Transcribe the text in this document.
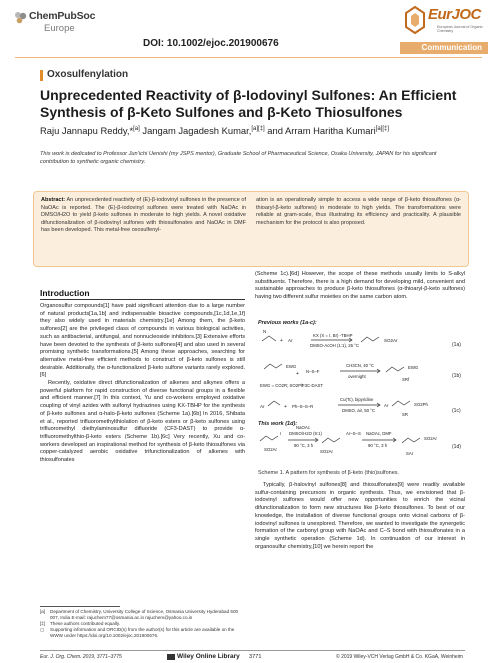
ChemPubSoc
Europe
DOI: 10.1002/ejoc.201900676
EurJOC
European Journal of Organic Chemistry
Communication
Oxosulfenylation
Unprecedented Reactivity of β-Iodovinyl Sulfones: An Efficient Synthesis of β-Keto Sulfones and β-Keto Thiosulfones
Raju Jannapu Reddy,*[a] Jangam Jagadesh Kumar,[a][‡] and Arram Haritha Kumari[a][‡]
This work is dedicated to Professor Jun’ichi Uenishi (my JSPS mentor), Graduate School of Pharmaceutical Science, Osaka University, JAPAN for his significant contribution to synthetic organic chemistry.
Abstract: An unprecedented reactivity of (E)-β-iodovinyl sulfones in the presence of NaOAc is reported. The (E)-β-iodovinyl sulfones were treated with NaOAc in DMSO/H2O to yield β-keto sulfones in moderate to high yields. A novel oxidative difunctionalization of β-iodovinyl sulfones with thiosulfonates and NaOAc in DMF has been developed. This metal-free oxosulfenyl-
ation is an operationally simple to access a wide range of β-keto thiosulfones (α-thioaryl-β-keto sulfones) in moderate to high yields. The transformations were reliable at gram-scale, thus illustrating its efficiency and practicality. A plausible mechanism for the protocol is also proposed.
Introduction

Organosulfur compounds[1] have paid significant attention due to a large number of natural products[1a,1b] and indispensable bioactive compounds,[1c,1d,1e,1f] they also widely used in materials chemistry.[1e] Among them, the β-keto sulfones[2] are the privileged class of compounds in various biological activities, such as antibacterial, antifungal, and nonnucleoside inhibitors.[3] Extensive efforts have been devoted to the synthesis of β-keto sulfones[4] and also used in several promising synthetic transformations.[5] Among these approaches, searching for alternative metal-free efficient methods to construct of β-keto sulfones is still desirable. Additionally, the α-functionalized β-keto sulfone variants rarely explored.[6]

Recently, oxidative direct difunctionalization of alkenes and alkynes offers a powerful platform for rapid construction of diverse functional groups in a flexible and efficient manner.[7] In this context, Yu and co-workers employed oxidative coupling of vinyl azides with sulfonyl hydrazines using KX-TBHP for the synthesis of β-keto sulfones and α-halo-β-keto sulfones (Scheme 1a).[6b] In 2016, Shibata et al., reported trifluoromethylthiolation of β-keto esters or β-keto sulfones using trifluoromethyl diethylaminosulfur difluoride (CF3-DAST) to provide α-trifluoromethylthio-β-keto esters (Scheme 1b).[6c] Very recently, Xu and co-workers developed an inspirational method for synthesis of β-keto thiosulfones via copper-catalyzed aerobic oxidative trifunctionalization of alkenes with thiosulfonates

(Scheme 1c).[6d] However, the scope of these methods usually limits to S-alkyl substituents. Therefore, there is a high demand for developing mild, convenient and sustainable approaches to produce β-keto thiosulfones (α-thioaryl-β-keto sulfones) having two different sulfur moieties on the same carbon atom.
Previous works (1a-c):
N
+ Ar
KX (X = I, Br) -TBHP
DMSO-AcOH (1:1), 26 °C
SO2Ar
(1a)
EWG
+ N–S–F
F3C-DAST
EWG = CO2R; SO2Ph
CH3CN, 40 °C
overnight
EWG
SRf
(1b)
Ar	+ Ph–S–S–R
Cu(Tc), bipyridine
DMSO, air, 50 °C
Ar	SO2Ph
SR
(1c)
This work (1d):
SO2Ar
I
NaOAc
DMSO/H2O (9:1)
90 °C, 3 h
SO2Ar
Ar–S–S NaOAc, DMF
90 °C, 3 h
SAr
SO2Ar
(1d)
Scheme 1. A pattern for synthesis of β-keto (thio)sulfones.

Typically, β-halovinyl sulfones[8] and thiosulfonates[9] were readily available sulfur-containing precursors in organic synthesis. Thus, we envisioned that β-iodovinyl sulfones would offer new opportunities to enrich the vicinal difunctionalization to form new structures like β-keto thiosulfones. To best of our knowledge, the installation of diverse functional groups onto vicinal carbons of β-iodovinyl sulfones is unexplored. Therefore, we wanted to investigate the synergetic formation of the carbonyl group with NaOAc and C–S bond with thiosulfonates in a single synthetic operation (Scheme 1d). In continuation of our interest in organosulfur chemistry,[10] we herein report the

[a]	Department of Chemistry, University College of Science, Osmania University Hyderabad 500 007, India E-mail: rajuchem77@osmania.ac.in rajuchem@yahoo.co.in
[‡]	These authors contributed equally.
▢	Supporting information and ORCID(s) from the author(s) for this article are available on the WWW under https://doi.org/10.1002/ejoc.201900676.
Eur. J. Org. Chem. 2019, 3771–3775	Wiley Online Library 3771	© 2019 Wiley-VCH Verlag GmbH & Co. KGaA, Weinheim
